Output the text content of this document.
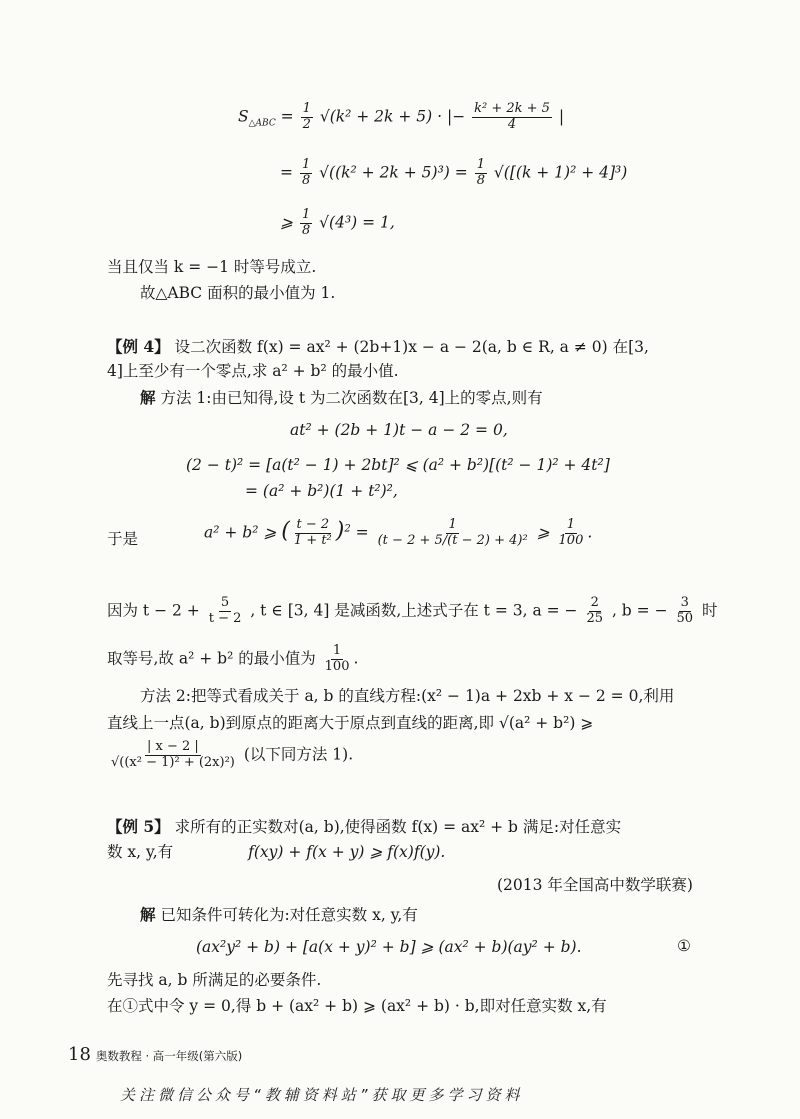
$S_{\triangle ABC} = \frac{1}{2} √(k^2 + 2k + 5)$ · |− $\frac{\text{k² + 2k + 5}}{4}$ |
= $\frac{1}{8} √((k^2 + 2k + 5)^3) = \frac{1}{8} √([(k + 1)^2 + 4]^3)$
⩾ $\frac{1}{8} √(4^3) = 1$,
当且仅当 k = −1 时等号成立.
故△ABC 面积的最小值为 1.
【例 4】 设二次函数 f(x) = ax² + (2b+1)x − a − 2(a, b ∈ R, a ≠ 0) 在[3,
4]上至少有一个零点,求 a² + b² 的最小值.
解 方法 1:由已知得,设 t 为二次函数在[3, 4]上的零点,则有
at² + (2b + 1)t − a − 2 = 0,
(2 − t)² = [a(t² − 1) + 2bt]² ⩽ (a² + b²)[(t² − 1)² + 4t²]
= (a² + b²)(1 + t²)²,
于是	a² + b² ⩾ ( $\frac{t - 2}{\text{1 + t²}} )^2 = \frac{1}{\text{(t − 2 + 5/(t − 2) + 4)²}}$ ⩾ $\frac{1}{100}$ .
因为 $t - 2 + \frac{5}{t - 2}$ , t ∈ [3, 4] 是减函数,上述式子在 t = 3, a = − $\frac{2}{25}$ , b = − $\frac{3}{50}$ 时
取等号,故 a² + b² 的最小值为 $\frac{1}{100}$ .
方法 2:把等式看成关于 a, b 的直线方程:(x² − 1)a + 2xb + x − 2 = 0,利用
直线上一点(a, b)到原点的距离大于原点到直线的距离,即 √(a² + b²) ⩾
$\frac{| x - 2 |}{\text{√((x² − 1)² + (2x)²)}}$ (以下同方法 1).
【例 5】 求所有的正实数对(a, b),使得函数 f(x) = ax² + b 满足:对任意实
数 x, y,有	f(xy) + f(x + y) ⩾ f(x)f(y).
(2013 年全国高中数学联赛)
解 已知条件可转化为:对任意实数 x, y,有
(ax²y² + b) + [a(x + y)² + b] ⩾ (ax² + b)(ay² + b).	①
先寻找 a, b 所满足的必要条件.
在①式中令 y = 0,得 b + (ax² + b) ⩾ (ax² + b) · b,即对任意实数 x,有
18 奥数教程 · 高一年级(第六版)
关注微信公众号“教辅资料站”获取更多学习资料
